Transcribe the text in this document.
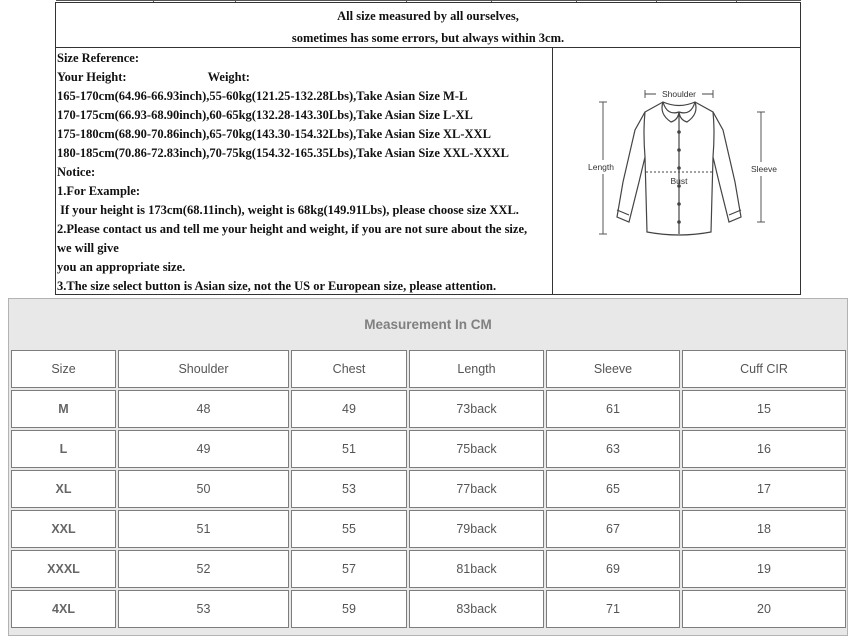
All size measured by all ourselves,
sometimes has some errors, but always within 3cm.
Size Reference:
Your Height:                          Weight:
165-170cm(64.96-66.93inch),55-60kg(121.25-132.28Lbs),Take Asian Size M-L
170-175cm(66.93-68.90inch),60-65kg(132.28-143.30Lbs),Take Asian Size L-XL
175-180cm(68.90-70.86inch),65-70kg(143.30-154.32Lbs),Take Asian Size XL-XXL
180-185cm(70.86-72.83inch),70-75kg(154.32-165.35Lbs),Take Asian Size XXL-XXXL
Notice:
1.For Example:
If your height is 173cm(68.11inch), weight is 68kg(149.91Lbs), please choose size XXL.
2.Please contact us and tell me your height and weight, if you are not sure about the size,
we will give
you an appropriate size.
3.The size select button is Asian size, not the US or European size, please attention.
Shoulder
Length
Bust
Sleeve
Measurement In CM
Size	Shoulder	Chest	Length	Sleeve	Cuff CIR
M	48	49	73back	61	15
L	49	51	75back	63	16
XL	50	53	77back	65	17
XXL	51	55	79back	67	18
XXXL	52	57	81back	69	19
4XL	53	59	83back	71	20
